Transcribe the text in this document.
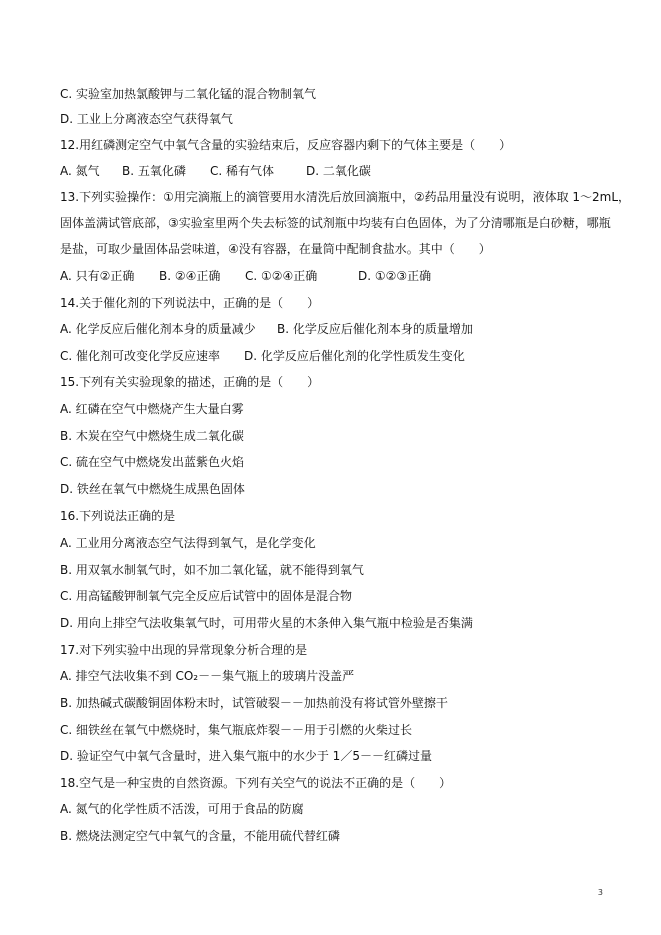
C. 实验室加热氯酸钾与二氧化锰的混合物制氧气
D. 工业上分离液态空气获得氧气
12.用红磷测定空气中氧气含量的实验结束后，反应容器内剩下的气体主要是（　　）
A. 氮气	B. 五氧化磷	C. 稀有气体	D. 二氧化碳
13.下列实验操作：①用完滴瓶上的滴管要用水清洗后放回滴瓶中，②药品用量没有说明，液体取 1～2mL，
固体盖满试管底部，③实验室里两个失去标签的试剂瓶中均装有白色固体，为了分清哪瓶是白砂糖，哪瓶
是盐，可取少量固体品尝味道，④没有容器，在量筒中配制食盐水。其中（　　）
A. 只有②正确	B. ②④正确	C. ①②④正确	D. ①②③正确
14.关于催化剂的下列说法中，正确的是（　　）
A. 化学反应后催化剂本身的质量减少	B. 化学反应后催化剂本身的质量增加
C. 催化剂可改变化学反应速率　　D. 化学反应后催化剂的化学性质发生变化
15.下列有关实验现象的描述，正确的是（　　）
A. 红磷在空气中燃烧产生大量白雾
B. 木炭在空气中燃烧生成二氧化碳
C. 硫在空气中燃烧发出蓝紫色火焰
D. 铁丝在氧气中燃烧生成黑色固体
16.下列说法正确的是
A. 工业用分离液态空气法得到氧气，是化学变化
B. 用双氧水制氧气时，如不加二氧化锰，就不能得到氧气
C. 用高锰酸钾制氧气完全反应后试管中的固体是混合物
D. 用向上排空气法收集氧气时，可用带火星的木条伸入集气瓶中检验是否集满
17.对下列实验中出现的异常现象分析合理的是
A. 排空气法收集不到 CO₂－－集气瓶上的玻璃片没盖严
B. 加热碱式碳酸铜固体粉末时，试管破裂－－加热前没有将试管外壁擦干
C. 细铁丝在氧气中燃烧时，集气瓶底炸裂－－用于引燃的火柴过长
D. 验证空气中氧气含量时，进入集气瓶中的水少于 1／5－－红磷过量
18.空气是一种宝贵的自然资源。下列有关空气的说法不正确的是（　　）
A. 氮气的化学性质不活泼，可用于食品的防腐
B. 燃烧法测定空气中氧气的含量，不能用硫代替红磷
3
